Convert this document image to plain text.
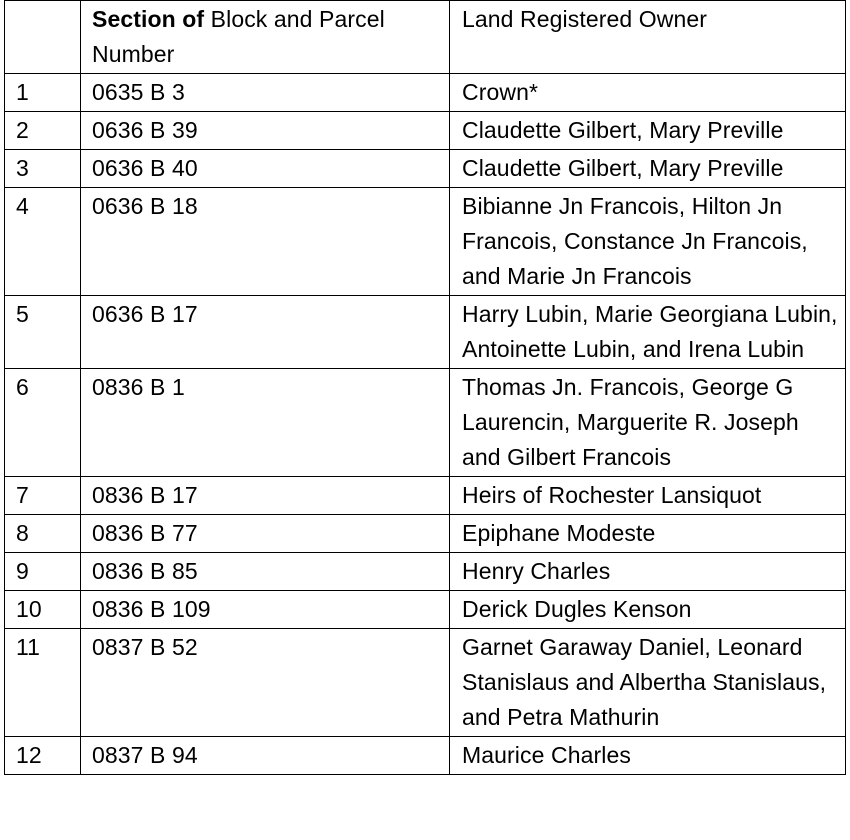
	Section of Block and Parcel Number	Land Registered Owner
1	0635 B 3	Crown*
2	0636 B 39	Claudette Gilbert, Mary Preville
3	0636 B 40	Claudette Gilbert, Mary Preville
4	0636 B 18	Bibianne Jn Francois, Hilton Jn Francois, Constance Jn Francois, and Marie Jn Francois
5	0636 B 17	Harry Lubin, Marie Georgiana Lubin, Antoinette Lubin, and Irena Lubin
6	0836 B 1	Thomas Jn. Francois, George G Laurencin, Marguerite R. Joseph and Gilbert Francois
7	0836 B 17	Heirs of Rochester Lansiquot
8	0836 B 77	Epiphane Modeste
9	0836 B 85	Henry Charles
10	0836 B 109	Derick Dugles Kenson
11	0837 B 52	Garnet Garaway Daniel, Leonard Stanislaus and Albertha Stanislaus, and Petra Mathurin
12	0837 B 94	Maurice Charles
